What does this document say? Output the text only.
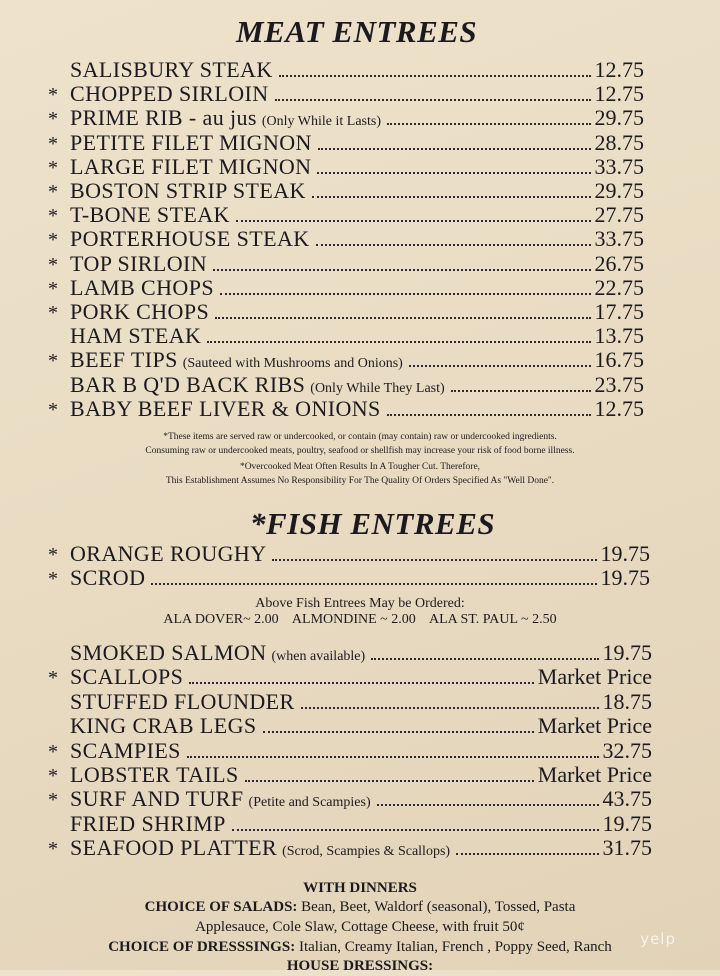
MEAT ENTREES
SALISBURY STEAK	12.75
* CHOPPED SIRLOIN	12.75
* PRIME RIB - au jus (Only While it Lasts)	29.75
* PETITE FILET MIGNON	28.75
* LARGE FILET MIGNON	33.75
* BOSTON STRIP STEAK	29.75
* T-BONE STEAK	27.75
* PORTERHOUSE STEAK	33.75
* TOP SIRLOIN	26.75
* LAMB CHOPS	22.75
* PORK CHOPS	17.75
HAM STEAK	13.75
* BEEF TIPS (Sauteed with Mushrooms and Onions)	16.75
BAR B Q'D BACK RIBS (Only While They Last)	23.75
* BABY BEEF LIVER & ONIONS	12.75
*These items are served raw or undercooked, or contain (may contain) raw or undercooked ingredients.
Consuming raw or undercooked meats, poultry, seafood or shellfish may increase your risk of food borne illness.
*Overcooked Meat Often Results In A Tougher Cut. Therefore,
This Establishment Assumes No Responsibility For The Quality Of Orders Specified As "Well Done".
*FISH ENTREES
* ORANGE ROUGHY	19.75
* SCROD	19.75
Above Fish Entrees May be Ordered:
ALA DOVER~ 2.00    ALMONDINE ~ 2.00    ALA ST. PAUL ~ 2.50
SMOKED SALMON (when available)	19.75
* SCALLOPS	Market Price
STUFFED FLOUNDER	18.75
KING CRAB LEGS	Market Price
* SCAMPIES	32.75
* LOBSTER TAILS	Market Price
* SURF AND TURF (Petite and Scampies)	43.75
FRIED SHRIMP	19.75
* SEAFOOD PLATTER (Scrod, Scampies & Scallops)	31.75
WITH DINNERS
CHOICE OF SALADS: Bean, Beet, Waldorf (seasonal), Tossed, Pasta
Applesauce, Cole Slaw, Cottage Cheese, with fruit 50¢
CHOICE OF DRESSSINGS: Italian, Creamy Italian, French , Poppy Seed, Ranch
HOUSE DRESSINGS:
yelp
